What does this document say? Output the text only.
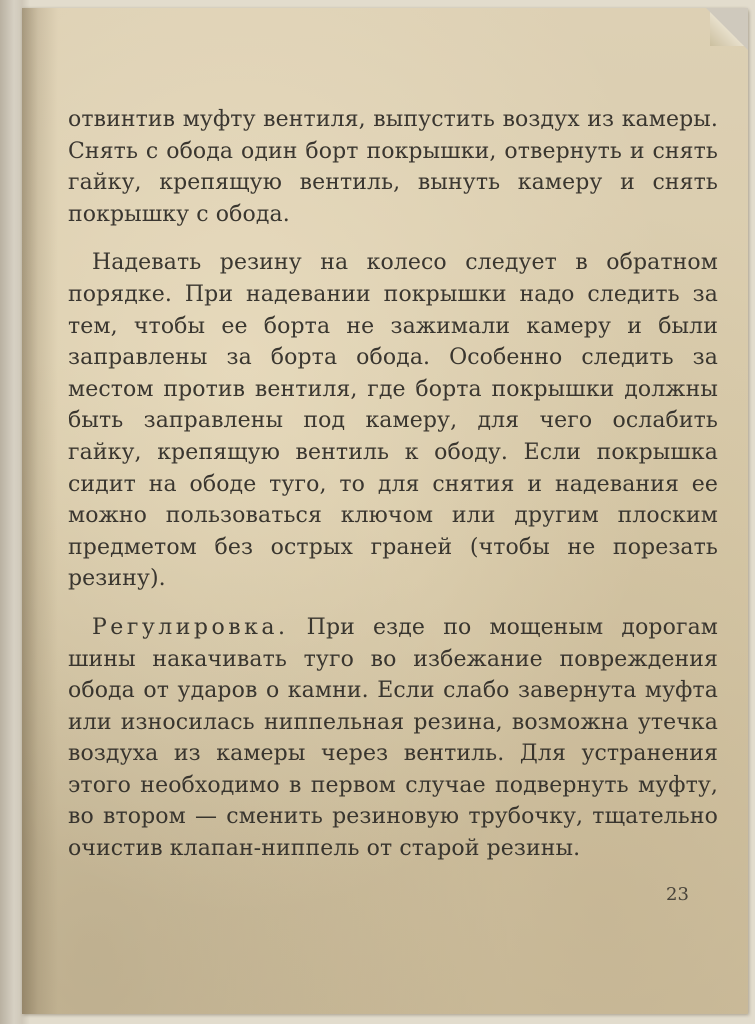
отвинтив муфту вентиля, выпустить воздух из камеры. Снять с обода один борт покрышки, отвернуть и снять гайку, крепящую вентиль, вынуть камеру и снять покрышку с обода.

Надевать резину на колесо следует в обратном порядке. При надевании покрышки надо следить за тем, чтобы ее борта не зажимали камеру и были заправлены за борта обода. Особенно следить за местом против вентиля, где борта покрышки должны быть заправлены под камеру, для чего ослабить гайку, крепящую вентиль к ободу. Если покрышка сидит на ободе туго, то для снятия и надевания ее можно пользоваться ключом или другим плоским предметом без острых граней (чтобы не порезать резину).

Регулировка. При езде по мощеным дорогам шины накачивать туго во избежание повреждения обода от ударов о камни. Если слабо завернута муфта или износилась ниппельная резина, возможна утечка воздуха из камеры через вентиль. Для устранения этого необходимо в первом случае подвернуть муфту, во втором — сменить резиновую трубочку, тщательно очистив клапан-ниппель от старой резины.

23
